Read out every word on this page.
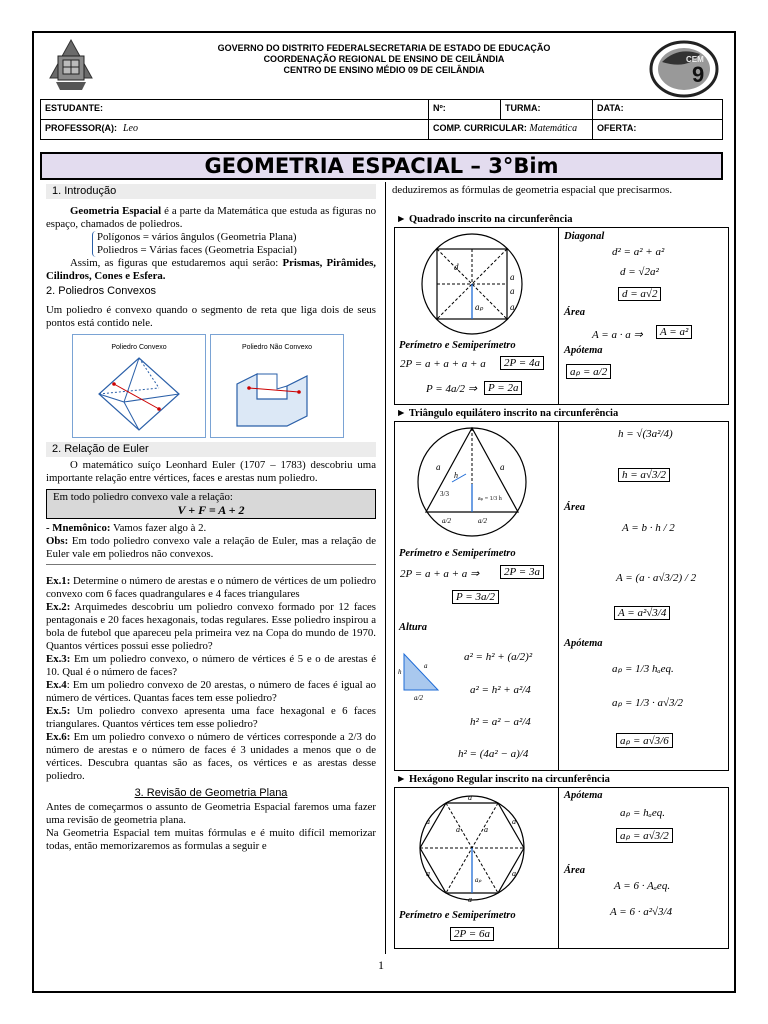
9
CEM
GOVERNO DO DISTRITO FEDERALSECRETARIA DE ESTADO DE EDUCAÇÃO
COORDENAÇÃO REGIONAL DE ENSINO DE CEILÂNDIA
CENTRO DE ENSINO MÉDIO 09 DE CEILÂNDIA
ESTUDANTE:	Nº:	TURMA:	DATA:
PROFESSOR(A): Leo	COMP. CURRICULAR: Matemática		OFERTA:
GEOMETRIA ESPACIAL – 3°Bim
1. Introdução

Geometria Espacial é a parte da Matemática que estuda as figuras no espaço, chamados de poliedros.

Polígonos = vários ângulos (Geometria Plana)
Poliedros = Várias faces (Geometria Espacial)

Assim, as figuras que estudaremos aqui serão: Prismas, Pirâmides, Cilindros, Cones e Esfera.

2. Poliedros Convexos

Um poliedro é convexo quando o segmento de reta que liga dois de seus pontos está contido nele.

Poliedro Convexo	Poliedro Não Convexo
2. Relação de Euler

O matemático suíço Leonhard Euler (1707 – 1783) descobriu uma importante relação entre vértices, faces e arestas num poliedro.

Em todo poliedro convexo vale a relação:
V + F = A + 2

- Mnemônico: Vamos fazer algo à 2.

Obs: Em todo poliedro convexo vale a relação de Euler, mas a relação de Euler vale em poliedros não convexos.

Ex.1: Determine o número de arestas e o número de vértices de um poliedro convexo com 6 faces quadrangulares e 4 faces triangulares

Ex.2: Arquimedes descobriu um poliedro convexo formado por 12 faces pentagonais e 20 faces hexagonais, todas regulares. Esse poliedro inspirou a bola de futebol que apareceu pela primeira vez na Copa do mundo de 1970. Quantos vértices possui esse poliedro?

Ex.3: Em um poliedro convexo, o número de vértices é 5 e o de arestas é 10. Qual é o número de faces?

Ex.4: Em um poliedro convexo de 20 arestas, o número de faces é igual ao número de vértices. Quantas faces tem esse poliedro?

Ex.5: Um poliedro convexo apresenta uma face hexagonal e 6 faces triangulares. Quantos vértices tem esse poliedro?

Ex.6: Em um poliedro convexo o número de vértices corresponde a 2/3 do número de arestas e o número de faces é 3 unidades a menos que o de vértices. Descubra quantas são as faces, os vértices e as arestas desse poliedro.

3. Revisão de Geometria Plana

Antes de começarmos o assunto de Geometria Espacial faremos uma fazer uma revisão de geometria plana.

Na Geometria Espacial tem muitas fórmulas e é muito difícil memorizar todas, então memorizaremos as formulas a seguir e

deduziremos as fórmulas de geometria espacial que precisarmos.

► Quadrado inscrito na circunferência
d
a
a
a
aₚ
Diagonal
d² = a² + a²
d = √2a²
d = a√2
Área
A = a · a ⇒	A = a²
Perímetro e Semiperímetro	Apótema
2P = a + a + a + a	2P = 4a
aₚ = a/2
P = 4a/2 ⇒	P = 2a
► Triângulo equilátero inscrito na circunferência
a	a
h
3/3
aₚ = 1/3 h
a/2	a/2
h = √(3a²/4)
h = a√3/2
Área
A = b · h / 2
A = (a · a√3/2) / 2
A = a²√3/4
Perímetro e Semiperímetro
2P = a + a + a ⇒	2P = 3a
P = 3a/2
Altura
h
a
a/2
a² = h² + (a/2)²
a² = h² + a²/4
h² = a² − a²/4
h² = (4a² − a)/4
Apótema
aₚ = 1/3 hₐeq.
aₚ = 1/3 · a√3/2
aₚ = a√3/6
► Hexágono Regular inscrito na circunferência
a
a	a
a	a
a
a	a
aₚ
Apótema
aₚ = hₐeq.
aₚ = a√3/2
Área
A = 6 · Aₐeq.
A = 6 · a²√3/4
Perímetro e Semiperímetro
2P = 6a
1
